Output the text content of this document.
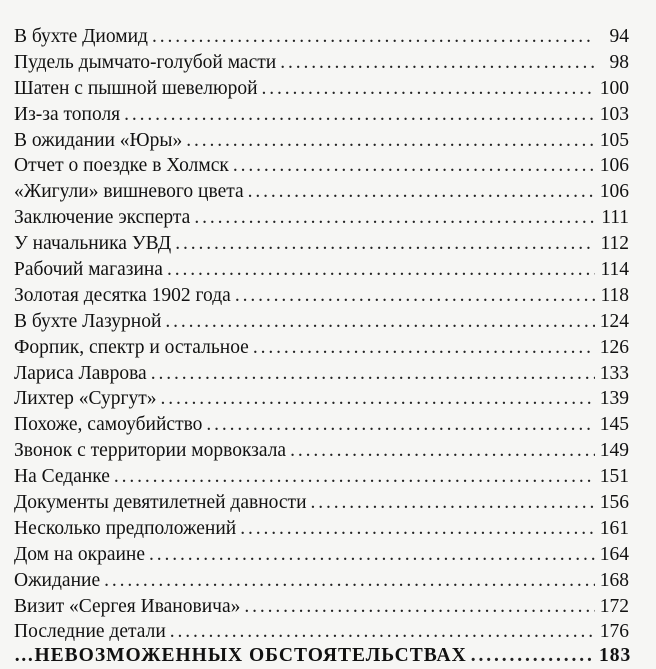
В бухте Диомид . . .	94
Пудель дымчато-голубой масти . . .	98
Шатен с пышной шевелюрой . . .	100
Из-за тополя . . .	103
В ожидании «Юры» . . .	105
Отчет о поездке в Холмск . . .	106
«Жигули» вишневого цвета . . .	106
Заключение эксперта . . .	111
У начальника УВД . . .	112
Рабочий магазина . . .	114
Золотая десятка 1902 года . . .	118
В бухте Лазурной . . .	124
Форпик, спектр и остальное . . .	126
Лариса Лаврова . . .	133
Лихтер «Сургут» . . .	139
Похоже, самоубийство . . .	145
Звонок с территории морвокзала . . .	149
На Седанке . . .	151
Документы девятилетней давности . . .	156
Несколько предположений . . .	161
Дом на окраине . . .	164
Ожидание . . .	168
Визит «Сергея Ивановича» . . .	172
Последние детали . . .	176
…НЕВОЗМОЖЕННЫХ ОБСТОЯТЕЛЬСТВАХ . . .	183
